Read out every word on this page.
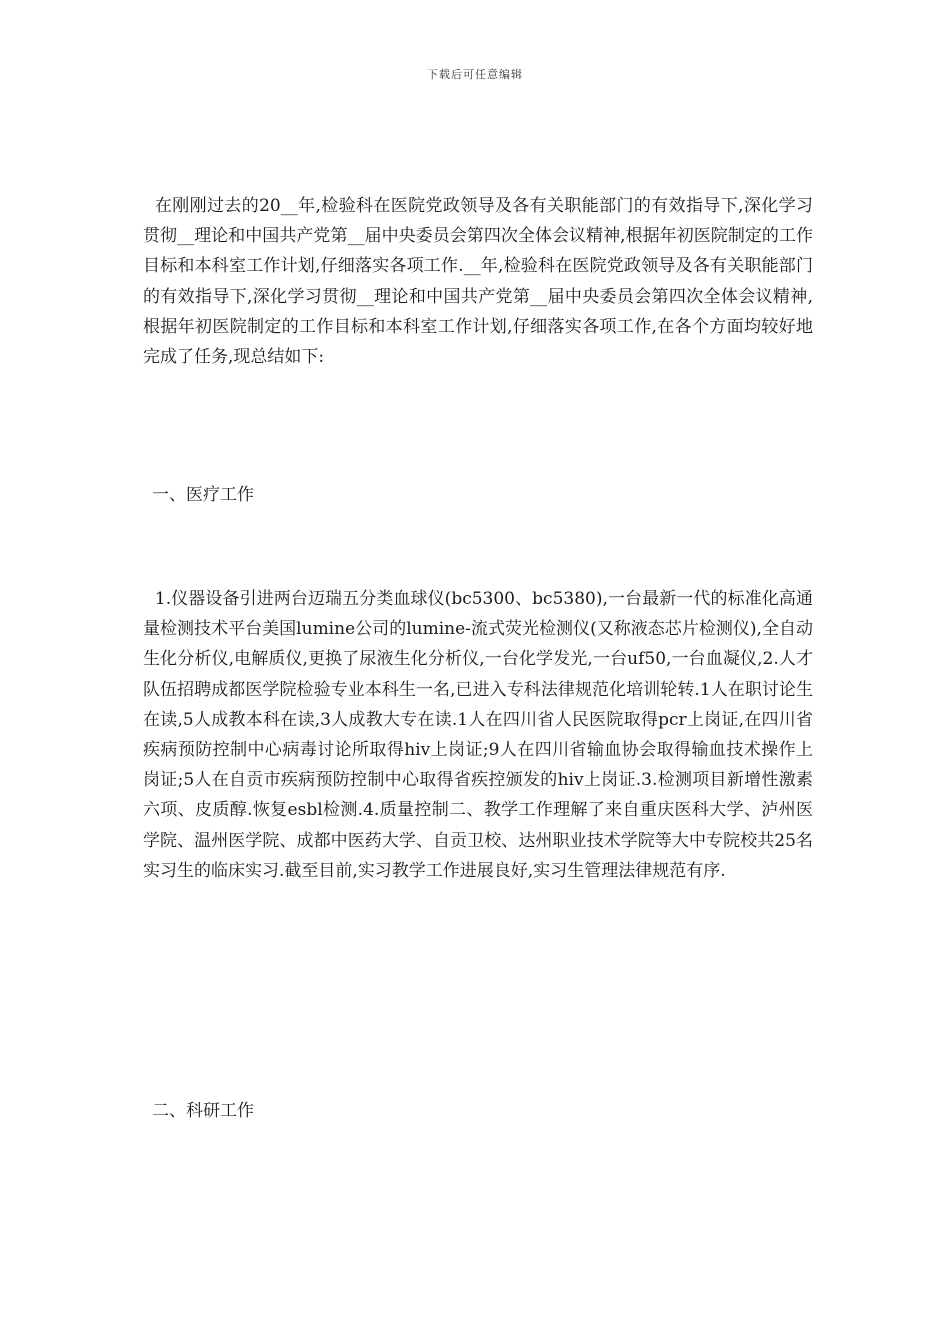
下载后可任意编辑

在刚刚过去的20__年,检验科在医院党政领导及各有关职能部门的有效指导下,深化学习贯彻__理论和中国共产党第__届中央委员会第四次全体会议精神,根据年初医院制定的工作目标和本科室工作计划,仔细落实各项工作.__年,检验科在医院党政领导及各有关职能部门的有效指导下,深化学习贯彻__理论和中国共产党第__届中央委员会第四次全体会议精神,根据年初医院制定的工作目标和本科室工作计划,仔细落实各项工作,在各个方面均较好地完成了任务,现总结如下:

一、医疗工作

1.仪器设备引进两台迈瑞五分类血球仪(bc5300、bc5380),一台最新一代的标准化高通量检测技术平台美国lumine公司的lumine-流式荧光检测仪(又称液态芯片检测仪),全自动生化分析仪,电解质仪,更换了尿液生化分析仪,一台化学发光,一台uf50,一台血凝仪,2.人才队伍招聘成都医学院检验专业本科生一名,已进入专科法律规范化培训轮转.1人在职讨论生在读,5人成教本科在读,3人成教大专在读.1人在四川省人民医院取得pcr上岗证,在四川省疾病预防控制中心病毒讨论所取得hiv上岗证;9人在四川省输血协会取得输血技术操作上岗证;5人在自贡市疾病预防控制中心取得省疾控颁发的hiv上岗证.3.检测项目新增性激素六项、皮质醇.恢复esbl检测.4.质量控制二、教学工作理解了来自重庆医科大学、泸州医学院、温州医学院、成都中医药大学、自贡卫校、达州职业技术学院等大中专院校共25名实习生的临床实习.截至目前,实习教学工作进展良好,实习生管理法律规范有序.

二、科研工作
